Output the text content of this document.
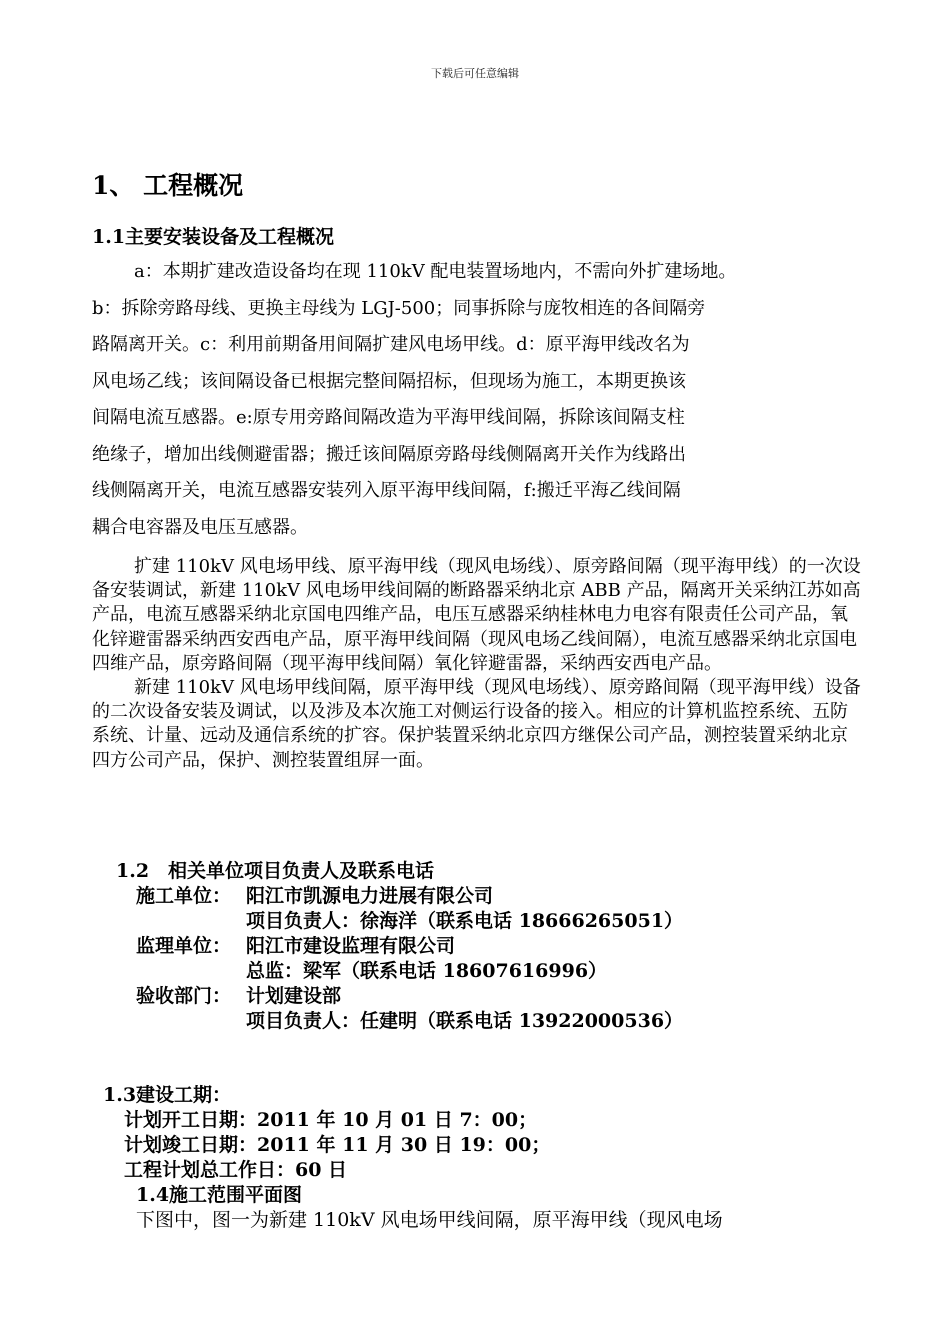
下载后可任意编辑
1、 工程概况
1.1主要安装设备及工程概况

a：本期扩建改造设备均在现 110kV 配电装置场地内，不需向外扩建场地。

b：拆除旁路母线、更换主母线为 LGJ-500；同事拆除与庞牧相连的各间隔旁

路隔离开关。c：利用前期备用间隔扩建风电场甲线。d：原平海甲线改名为

风电场乙线；该间隔设备已根据完整间隔招标，但现场为施工，本期更换该

间隔电流互感器。e:原专用旁路间隔改造为平海甲线间隔，拆除该间隔支柱

绝缘子，增加出线侧避雷器；搬迁该间隔原旁路母线侧隔离开关作为线路出

线侧隔离开关，电流互感器安装列入原平海甲线间隔，f:搬迁平海乙线间隔

耦合电容器及电压互感器。

扩建 110kV 风电场甲线、原平海甲线（现风电场线）、原旁路间隔（现平海甲线）的一次设备安装调试，新建 110kV 风电场甲线间隔的断路器采纳北京 ABB 产品，隔离开关采纳江苏如高产品，电流互感器采纳北京国电四维产品，电压互感器采纳桂林电力电容有限责任公司产品，氧化锌避雷器采纳西安西电产品，原平海甲线间隔（现风电场乙线间隔），电流互感器采纳北京国电四维产品，原旁路间隔（现平海甲线间隔）氧化锌避雷器，采纳西安西电产品。

新建 110kV 风电场甲线间隔，原平海甲线（现风电场线）、原旁路间隔（现平海甲线）设备的二次设备安装及调试，以及涉及本次施工对侧运行设备的接入。相应的计算机监控系统、五防系统、计量、远动及通信系统的扩容。保护装置采纳北京四方继保公司产品，测控装置采纳北京四方公司产品，保护、测控装置组屏一面。

1.2　相关单位项目负责人及联系电话
施工单位： 阳江市凯源电力进展有限公司
项目负责人：徐海洋（联系电话 18666265051）
监理单位： 阳江市建设监理有限公司
总监：梁军（联系电话 18607616996）
验收部门： 计划建设部
项目负责人：任建明（联系电话 13922000536）
1.3建设工期：
计划开工日期：2011 年 10 月 01 日 7：00；
计划竣工日期：2011 年 11 月 30 日 19：00；
工程计划总工作日：60 日
1.4施工范围平面图
下图中，图一为新建 110kV 风电场甲线间隔，原平海甲线（现风电场
